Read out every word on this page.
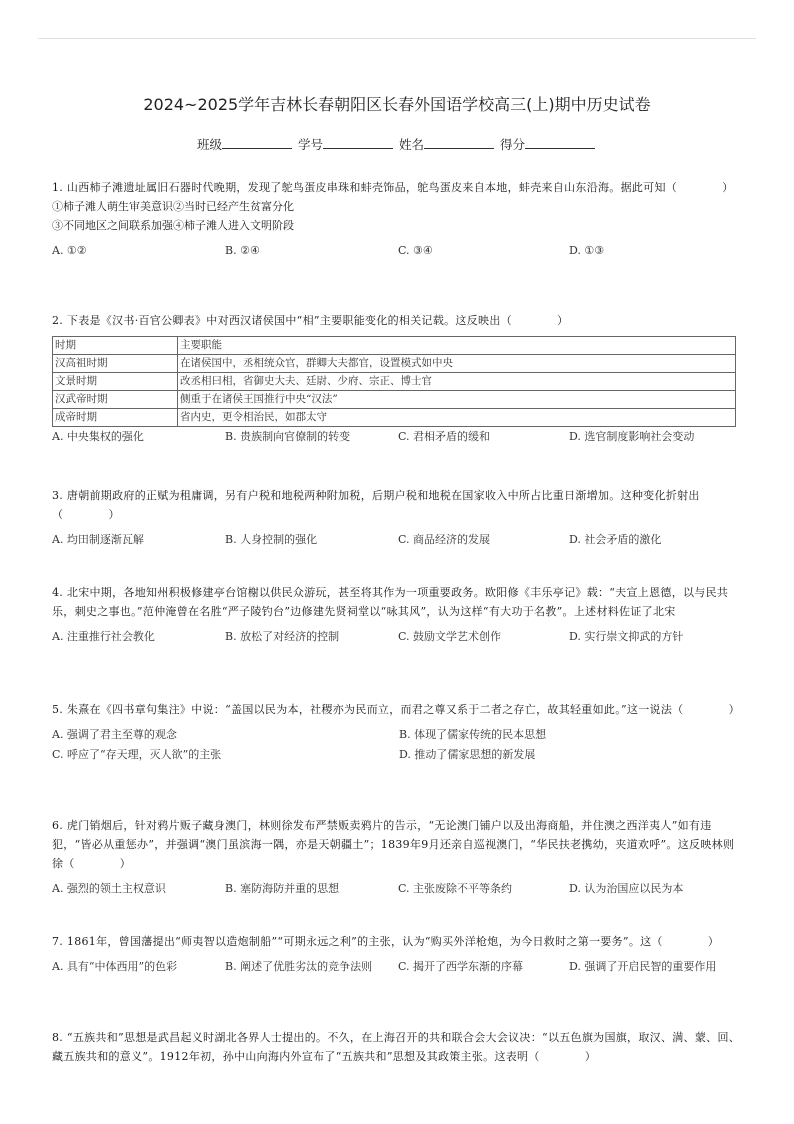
2024~2025学年吉林长春朝阳区长春外国语学校高三(上)期中历史试卷
班级	学号	姓名	得分
1. 山西柿子滩遗址属旧石器时代晚期，发现了鸵鸟蛋皮串珠和蚌壳饰品，鸵鸟蛋皮来自本地，蚌壳来自山东沿海。据此可知（　　　　）
①柿子滩人萌生审美意识②当时已经产生贫富分化
③不同地区之间联系加强④柿子滩人进入文明阶段
A. ①②	B. ②④	C. ③④	D. ①③
2. 下表是《汉书·百官公卿表》中对西汉诸侯国中“相”主要职能变化的相关记载。这反映出（　　　　）
时期	主要职能
汉高祖时期	在诸侯国中，丞相统众官，群卿大夫都官，设置模式如中央
文景时期	改丞相曰相，省御史大夫、廷尉、少府、宗正、博士官
汉武帝时期	侧重于在诸侯王国推行中央“汉法”
成帝时期	省内史，更令相治民，如郡太守
A. 中央集权的强化	B. 贵族制向官僚制的转变	C. 君相矛盾的缓和	D. 选官制度影响社会变动
3. 唐朝前期政府的正赋为租庸调，另有户税和地税两种附加税，后期户税和地税在国家收入中所占比重日渐增加。这种变化折射出（　　　　）
A. 均田制逐渐瓦解	B. 人身控制的强化	C. 商品经济的发展	D. 社会矛盾的激化
4. 北宋中期，各地知州积极修建亭台馆榭以供民众游玩，甚至将其作为一项重要政务。欧阳修《丰乐亭记》载：“夫宣上恩德，以与民共乐，刺史之事也。”范仲淹曾在名胜“严子陵钓台”边修建先贤祠堂以“咏其风”，认为这样“有大功于名教”。上述材料佐证了北宋
A. 注重推行社会教化	B. 放松了对经济的控制	C. 鼓励文学艺术创作	D. 实行崇文抑武的方针
5. 朱熹在《四书章句集注》中说：“盖国以民为本，社稷亦为民而立，而君之尊又系于二者之存亡，故其轻重如此。”这一说法（　　　　）
A. 强调了君主至尊的观念	B. 体现了儒家传统的民本思想
C. 呼应了“存天理，灭人欲”的主张	D. 推动了儒家思想的新发展
6. 虎门销烟后，针对鸦片贩子藏身澳门，林则徐发布严禁贩卖鸦片的告示，“无论澳门铺户以及出海商船，并住澳之西洋夷人”如有违犯，“皆必从重惩办”，并强调“澳门虽滨海一隅，亦是天朝疆土”；1839年9月还亲自巡视澳门，“华民扶老携幼，夹道欢呼”。这反映林则徐（　　　　）
A. 强烈的领土主权意识	B. 塞防海防并重的思想	C. 主张废除不平等条约	D. 认为治国应以民为本
7. 1861年，曾国藩提出“师夷智以造炮制船”“可期永远之利”的主张，认为“购买外洋枪炮，为今日救时之第一要务”。这（　　　　）
A. 具有“中体西用”的色彩	B. 阐述了优胜劣汰的竞争法则 C. 揭开了西学东渐的序幕	D. 强调了开启民智的重要作用
8. “五族共和”思想是武昌起义时湖北各界人士提出的。不久，在上海召开的共和联合会大会议决：“以五色旗为国旗，取汉、满、蒙、回、藏五族共和的意义”。1912年初，孙中山向海内外宣布了“五族共和”思想及其政策主张。这表明（　　　　）
